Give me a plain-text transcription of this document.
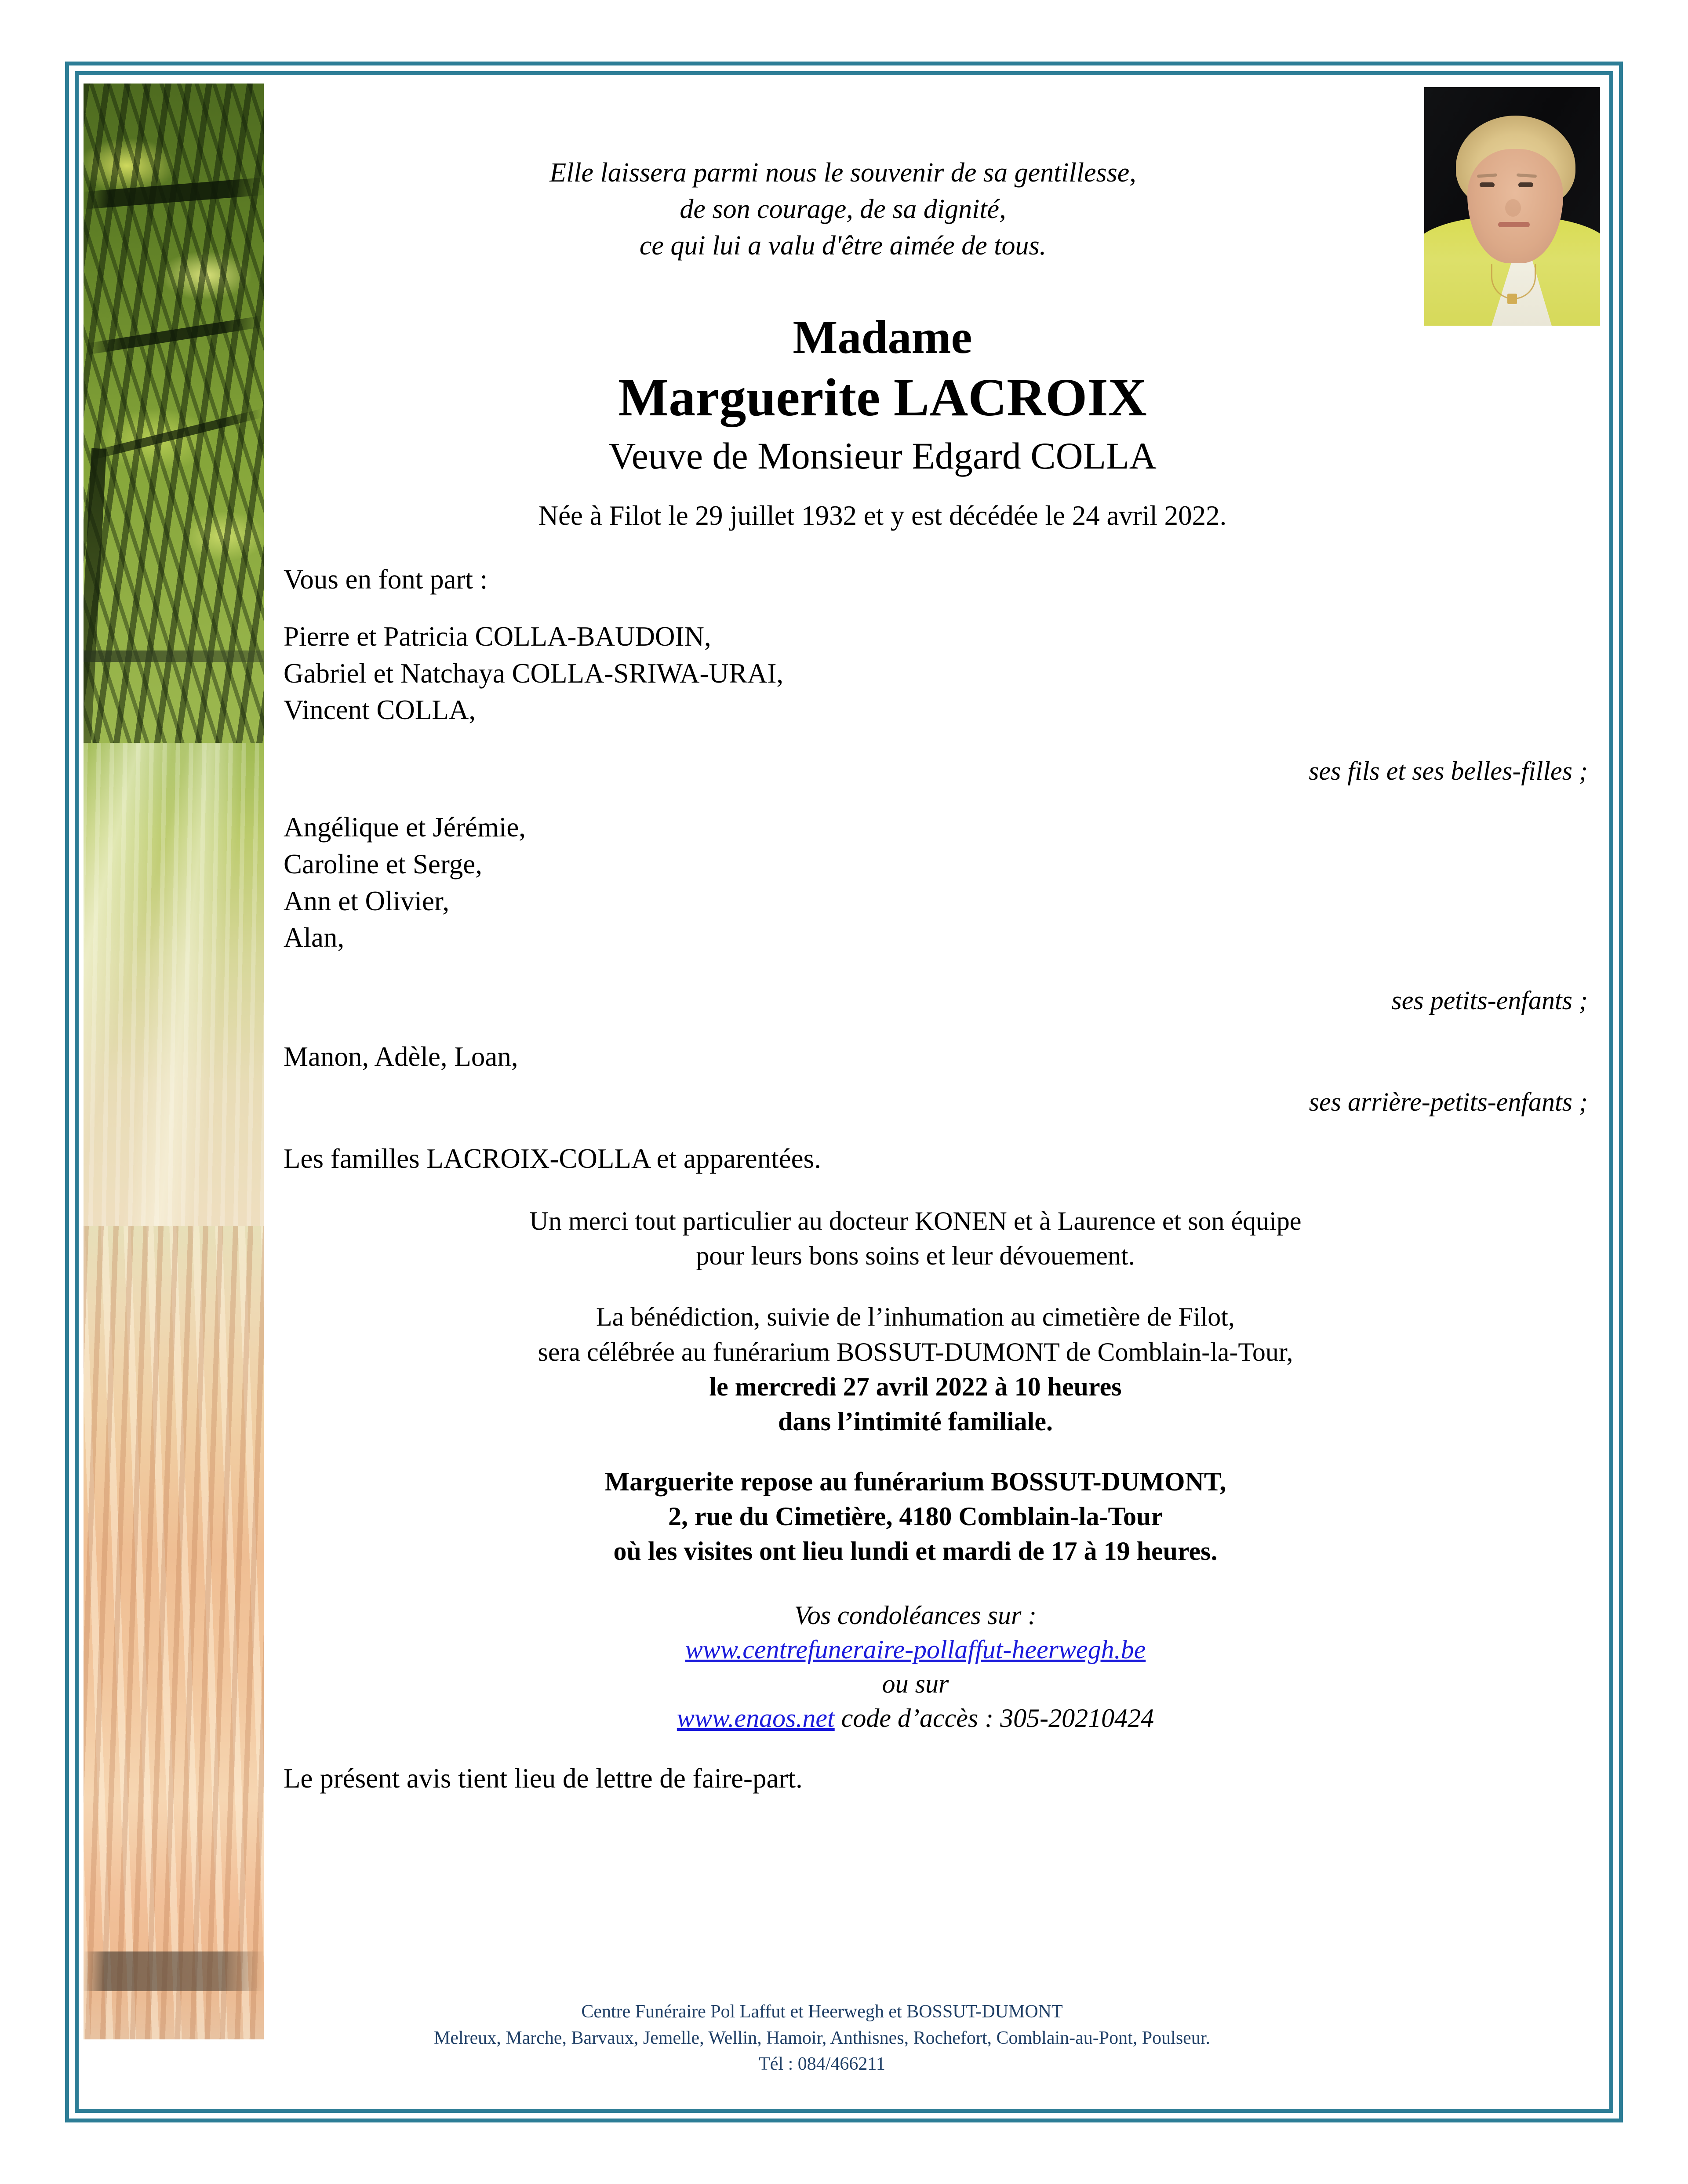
Elle laissera parmi nous le souvenir de sa gentillesse,
de son courage, de sa dignité,
ce qui lui a valu d'être aimée de tous.
Madame
Marguerite LACROIX
Veuve de Monsieur Edgard COLLA
Née à Filot le 29 juillet 1932 et y est décédée le 24 avril 2022.
Vous en font part :
Pierre et Patricia COLLA-BAUDOIN,
Gabriel et Natchaya COLLA-SRIWA-URAI,
Vincent COLLA,
ses fils et ses belles-filles ;
Angélique et Jérémie,
Caroline et Serge,
Ann et Olivier,
Alan,
ses petits-enfants ;
Manon, Adèle, Loan,
ses arrière-petits-enfants ;
Les familles LACROIX-COLLA et apparentées.
Un merci tout particulier au docteur KONEN et à Laurence et son équipe
pour leurs bons soins et leur dévouement.
La bénédiction, suivie de l’inhumation au cimetière de Filot,
sera célébrée au funérarium BOSSUT-DUMONT de Comblain-la-Tour,
le mercredi 27 avril 2022 à 10 heures
dans l’intimité familiale.
Marguerite repose au funérarium BOSSUT-DUMONT,
2, rue du Cimetière, 4180 Comblain-la-Tour
où les visites ont lieu lundi et mardi de 17 à 19 heures.
Vos condoléances sur :
www.centrefuneraire-pollaffut-heerwegh.be
ou sur
www.enaos.net code d’accès : 305-20210424
Le présent avis tient lieu de lettre de faire-part.
Centre Funéraire Pol Laffut et Heerwegh et BOSSUT-DUMONT
Melreux, Marche, Barvaux, Jemelle, Wellin, Hamoir, Anthisnes, Rochefort, Comblain-au-Pont, Poulseur.
Tél : 084/466211
